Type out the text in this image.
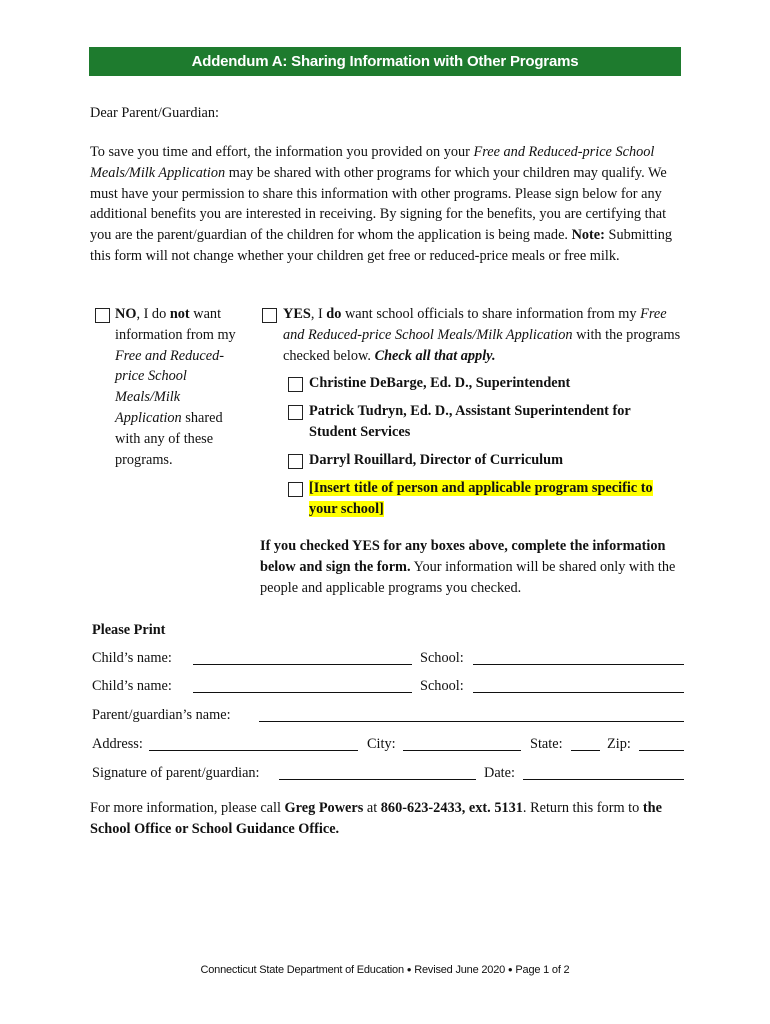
Addendum A: Sharing Information with Other Programs
Dear Parent/Guardian:
To save you time and effort, the information you provided on your Free and Reduced-price School Meals/Milk Application may be shared with other programs for which your children may qualify. We must have your permission to share this information with other programs. Please sign below for any additional benefits you are interested in receiving. By signing for the benefits, you are certifying that you are the parent/guardian of the children for whom the application is being made. Note: Submitting this form will not change whether your children get free or reduced-price meals or free milk.
NO, I do not want information from my Free and Reduced-price School Meals/Milk Application shared with any of these programs.
YES, I do want school officials to share information from my Free and Reduced-price School Meals/Milk Application with the programs checked below. Check all that apply.
Christine DeBarge, Ed. D., Superintendent
Patrick Tudryn, Ed. D., Assistant Superintendent for Student Services
Darryl Rouillard, Director of Curriculum
[Insert title of person and applicable program specific to your school]
If you checked YES for any boxes above, complete the information below and sign the form. Your information will be shared only with the people and applicable programs you checked.
Please Print
Child’s name:	School:
Child’s name:	School:
Parent/guardian’s name:
Address:	City:	State:	Zip:
Signature of parent/guardian:	Date:
For more information, please call Greg Powers at 860-623-2433, ext. 5131. Return this form to the School Office or School Guidance Office.
Connecticut State Department of Education ● Revised June 2020 ● Page 1 of 2
